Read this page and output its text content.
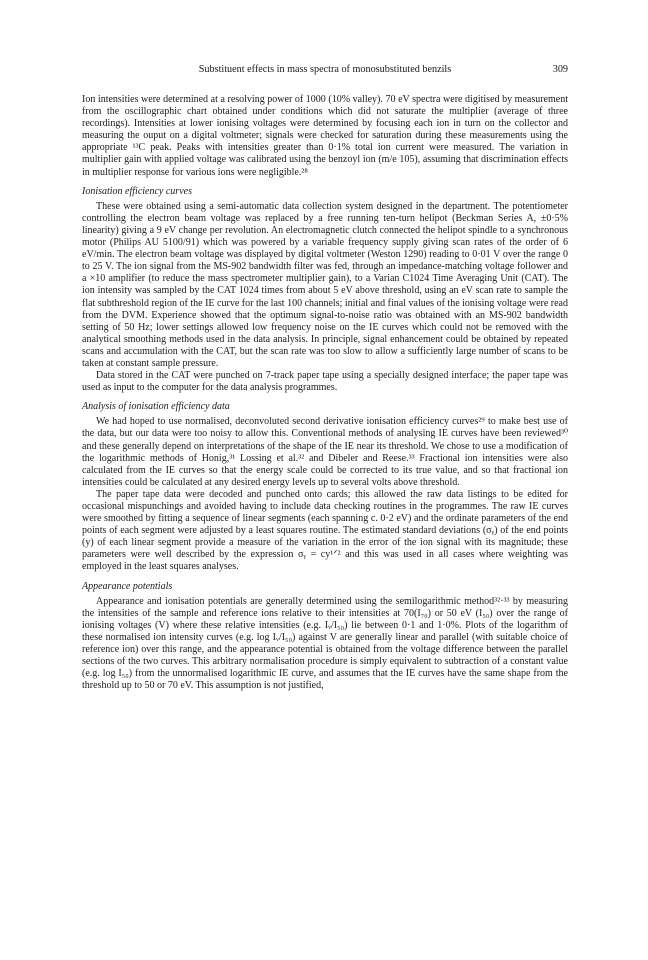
Substituent effects in mass spectra of monosubstituted benzils	309

Ion intensities were determined at a resolving power of 1000 (10% valley). 70 eV spectra were digitised by measurement from the oscillographic chart obtained under conditions which did not saturate the multiplier (average of three recordings). Intensities at lower ionising voltages were determined by focusing each ion in turn on the collector and measuring the ouput on a digital voltmeter; signals were checked for saturation during these measurements using the appropriate ¹³C peak. Peaks with intensities greater than 0·1% total ion current were measured. The variation in multiplier gain with applied voltage was calibrated using the benzoyl ion (m/e 105), assuming that discrimination effects in multiplier response for various ions were negligible.²⁸

Ionisation efficiency curves

These were obtained using a semi-automatic data collection system designed in the department. The potentiometer controlling the electron beam voltage was replaced by a free running ten-turn helipot (Beckman Series A, ±0·5% linearity) giving a 9 eV change per revolution. An electromagnetic clutch connected the helipot spindle to a synchronous motor (Philips AU 5100/91) which was powered by a variable frequency supply giving scan rates of the order of 6 eV/min. The electron beam voltage was displayed by digital voltmeter (Weston 1290) reading to 0·01 V over the range 0 to 25 V. The ion signal from the MS-902 bandwidth filter was fed, through an impedance-matching voltage follower and a ×10 amplifier (to reduce the mass spectrometer multiplier gain), to a Varian C1024 Time Averaging Unit (CAT). The ion intensity was sampled by the CAT 1024 times from about 5 eV above threshold, using an eV scan rate to sample the flat subthreshold region of the IE curve for the last 100 channels; initial and final values of the ionising voltage were read from the DVM. Experience showed that the optimum signal-to-noise ratio was obtained with an MS-902 bandwidth setting of 50 Hz; lower settings allowed low frequency noise on the IE curves which could not be removed with the analytical smoothing methods used in the data analysis. In principle, signal enhancement could be obtained by repeated scans and accumulation with the CAT, but the scan rate was too slow to allow a sufficiently large number of scans to be taken at constant sample pressure.

Data stored in the CAT were punched on 7-track paper tape using a specially designed interface; the paper tape was used as input to the computer for the data analysis programmes.

Analysis of ionisation efficiency data

We had hoped to use normalised, deconvoluted second derivative ionisation efficiency curves²⁹ to make best use of the data, but our data were too noisy to allow this. Conventional methods of analysing IE curves have been reviewed³⁰ and these generally depend on interpretations of the shape of the IE near its threshold. We chose to use a modification of the logarithmic methods of Honig,³¹ Lossing et al.³² and Dibeler and Reese.³³ Fractional ion intensities were also calculated from the IE curves so that the energy scale could be corrected to its true value, and so that fractional ion intensities could be calculated at any desired energy levels up to several volts above threshold.

The paper tape data were decoded and punched onto cards; this allowed the raw data listings to be edited for occasional mispunchings and avoided having to include data checking routines in the programmes. The raw IE curves were smoothed by fitting a sequence of linear segments (each spanning c. 0·2 eV) and the ordinate parameters of the end points of each segment were adjusted by a least squares routine. The estimated standard deviations (σᵧ) of the end points (y) of each linear segment provide a measure of the variation in the error of the ion signal with its magnitude; these parameters were well described by the expression σᵧ = cy¹ᐟ² and this was used in all cases where weighting was employed in the least squares analyses.

Appearance potentials

Appearance and ionisation potentials are generally determined using the semilogarithmic method³²·³³ by measuring the intensities of the sample and reference ions relative to their intensities at 70(I₇₀) or 50 eV (I₅₀) over the range of ionising voltages (V) where these relative intensities (e.g. Iᵥ/I₅₀) lie between 0·1 and 1·0%. Plots of the logarithm of these normalised ion intensity curves (e.g. log Iᵥ/I₅₀) against V are generally linear and parallel (with suitable choice of reference ion) over this range, and the appearance potential is obtained from the voltage difference between the parallel sections of the two curves. This arbitrary normalisation procedure is simply equivalent to subtraction of a constant value (e.g. log I₅₀) from the unnormalised logarithmic IE curve, and assumes that the IE curves have the same shape from the threshold up to 50 or 70 eV. This assumption is not justified,
